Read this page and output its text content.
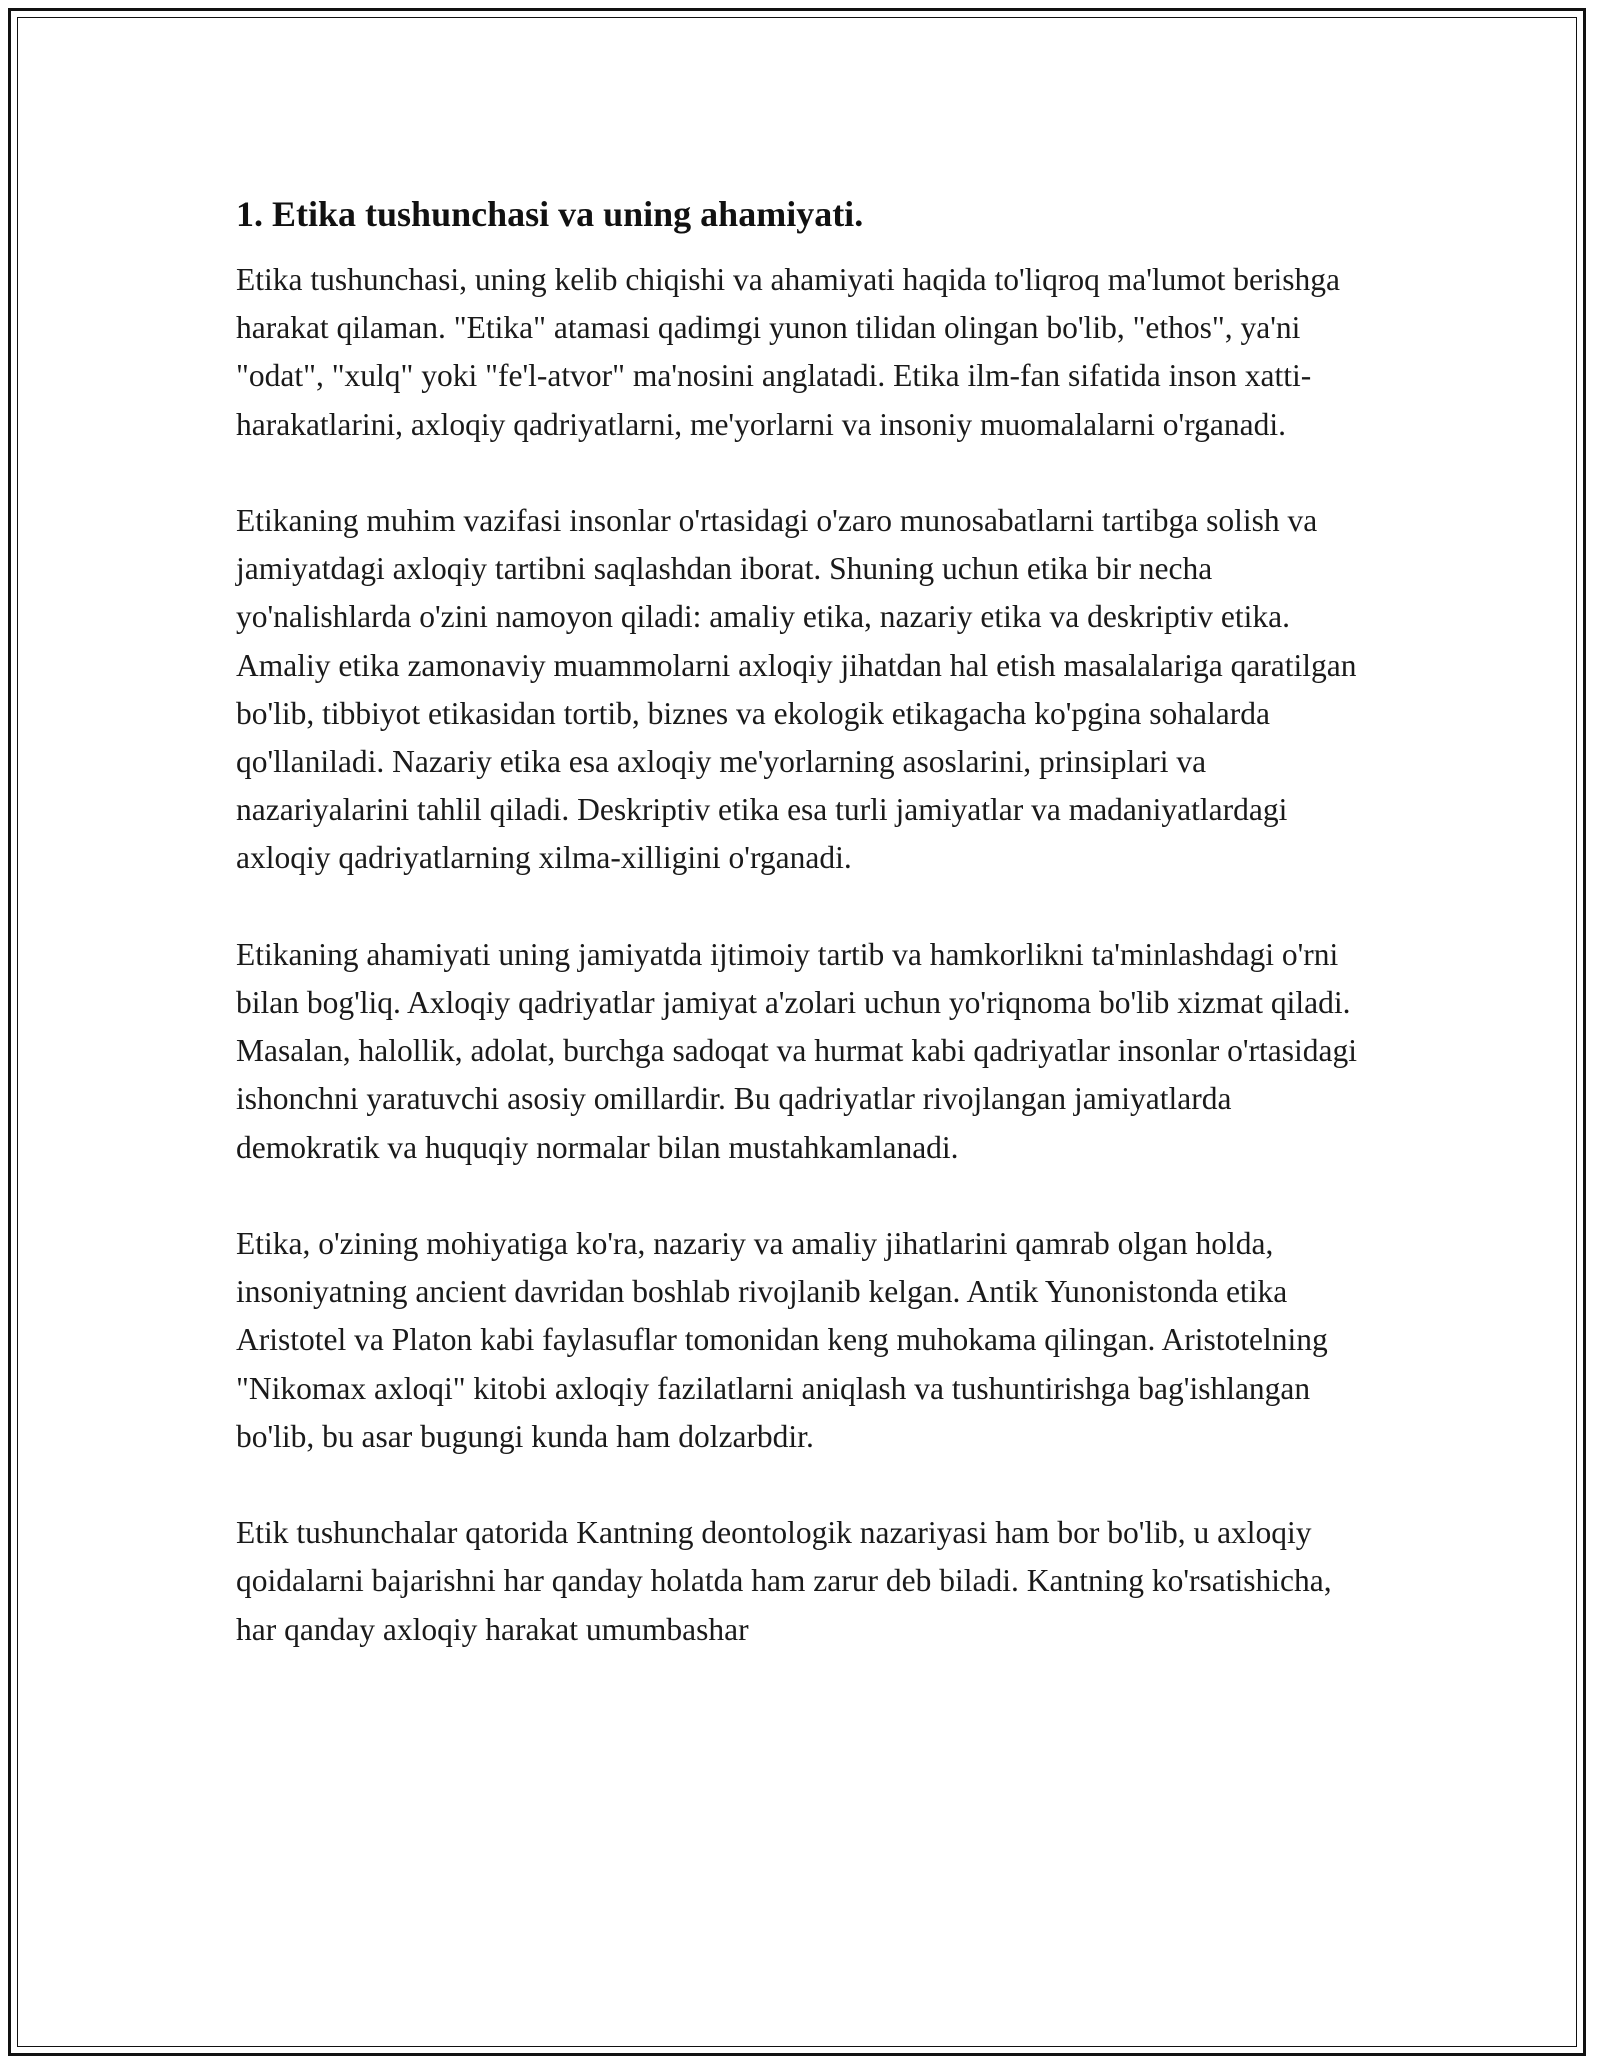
1. Etika tushunchasi va uning ahamiyati.

Etika tushunchasi, uning kelib chiqishi va ahamiyati haqida to'liqroq ma'lumot berishga harakat qilaman. "Etika" atamasi qadimgi yunon tilidan olingan bo'lib, "ethos", ya'ni "odat", "xulq" yoki "fe'l-atvor" ma'nosini anglatadi. Etika ilm-fan sifatida inson xatti-harakatlarini, axloqiy qadriyatlarni, me'yorlarni va insoniy muomalalarni o'rganadi.

Etikaning muhim vazifasi insonlar o'rtasidagi o'zaro munosabatlarni tartibga solish va jamiyatdagi axloqiy tartibni saqlashdan iborat. Shuning uchun etika bir necha yo'nalishlarda o'zini namoyon qiladi: amaliy etika, nazariy etika va deskriptiv etika. Amaliy etika zamonaviy muammolarni axloqiy jihatdan hal etish masalalariga qaratilgan bo'lib, tibbiyot etikasidan tortib, biznes va ekologik etikagacha ko'pgina sohalarda qo'llaniladi. Nazariy etika esa axloqiy me'yorlarning asoslarini, prinsiplari va nazariyalarini tahlil qiladi. Deskriptiv etika esa turli jamiyatlar va madaniyatlardagi axloqiy qadriyatlarning xilma-xilligini o'rganadi.

Etikaning ahamiyati uning jamiyatda ijtimoiy tartib va hamkorlikni ta'minlashdagi o'rni bilan bog'liq. Axloqiy qadriyatlar jamiyat a'zolari uchun yo'riqnoma bo'lib xizmat qiladi. Masalan, halollik, adolat, burchga sadoqat va hurmat kabi qadriyatlar insonlar o'rtasidagi ishonchni yaratuvchi asosiy omillardir. Bu qadriyatlar rivojlangan jamiyatlarda demokratik va huquqiy normalar bilan mustahkamlanadi.

Etika, o'zining mohiyatiga ko'ra, nazariy va amaliy jihatlarini qamrab olgan holda, insoniyatning ancient davridan boshlab rivojlanib kelgan. Antik Yunonistonda etika Aristotel va Platon kabi faylasuflar tomonidan keng muhokama qilingan. Aristotelning "Nikomax axloqi" kitobi axloqiy fazilatlarni aniqlash va tushuntirishga bag'ishlangan bo'lib, bu asar bugungi kunda ham dolzarbdir.

Etik tushunchalar qatorida Kantning deontologik nazariyasi ham bor bo'lib, u axloqiy qoidalarni bajarishni har qanday holatda ham zarur deb biladi. Kantning ko'rsatishicha, har qanday axloqiy harakat umumbashar
